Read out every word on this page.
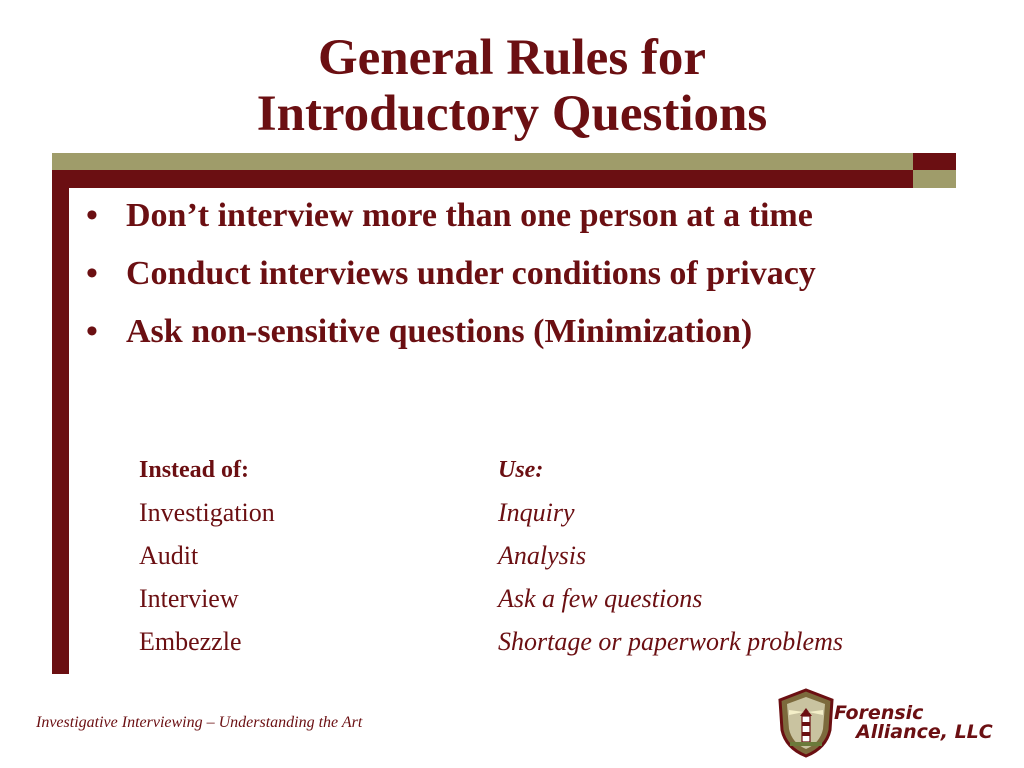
General Rules for
Introductory Questions
• Don’t interview more than one person at a time
• Conduct interviews under conditions of privacy
• Ask non-sensitive questions (Minimization)
Instead of:	Use:
Investigation	Inquiry
Audit	Analysis
Interview	Ask a few questions
Embezzle	Shortage or paperwork problems
Investigative Interviewing – Understanding the Art	Forensic
Alliance, LLC
